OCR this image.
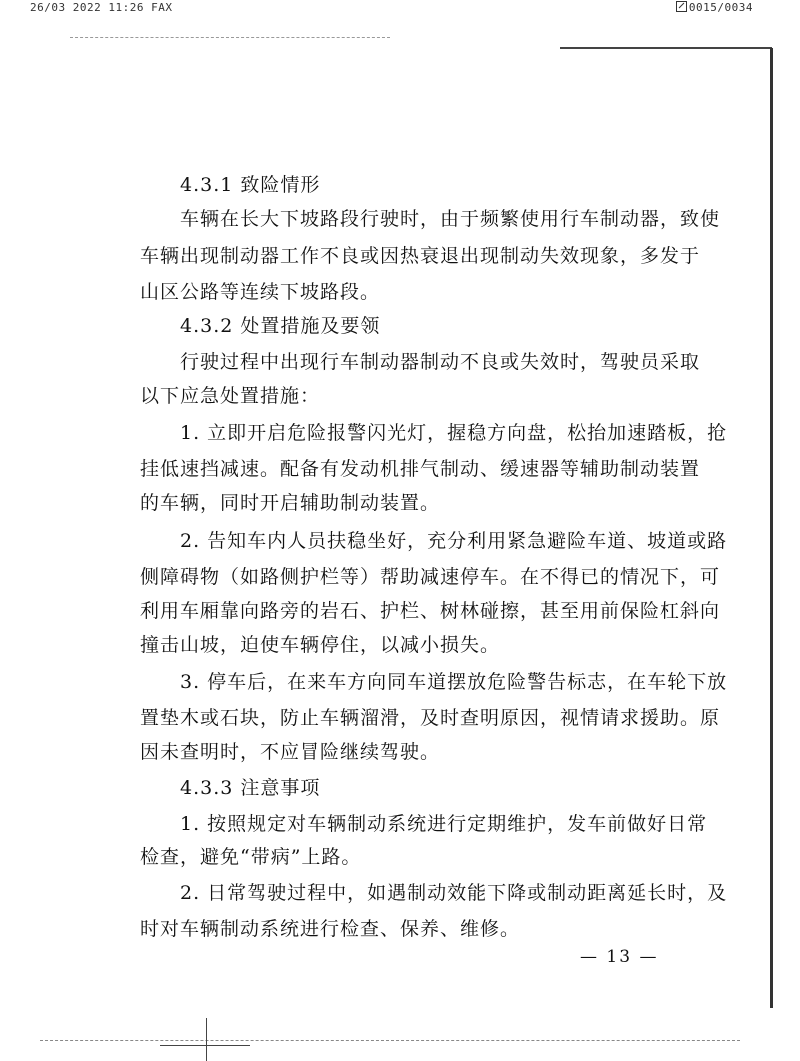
26/03 2022 11:26 FAX	0015/0034
4.3.1 致险情形
车辆在长大下坡路段行驶时，由于频繁使用行车制动器，致使
车辆出现制动器工作不良或因热衰退出现制动失效现象，多发于
山区公路等连续下坡路段。
4.3.2 处置措施及要领
行驶过程中出现行车制动器制动不良或失效时，驾驶员采取
以下应急处置措施：
1. 立即开启危险报警闪光灯，握稳方向盘，松抬加速踏板，抢
挂低速挡减速。配备有发动机排气制动、缓速器等辅助制动装置
的车辆，同时开启辅助制动装置。
2. 告知车内人员扶稳坐好，充分利用紧急避险车道、坡道或路
侧障碍物（如路侧护栏等）帮助减速停车。在不得已的情况下，可
利用车厢靠向路旁的岩石、护栏、树林碰擦，甚至用前保险杠斜向
撞击山坡，迫使车辆停住，以减小损失。
3. 停车后，在来车方向同车道摆放危险警告标志，在车轮下放
置垫木或石块，防止车辆溜滑，及时查明原因，视情请求援助。原
因未查明时，不应冒险继续驾驶。
4.3.3 注意事项
1. 按照规定对车辆制动系统进行定期维护，发车前做好日常
检查，避免“带病”上路。
2. 日常驾驶过程中，如遇制动效能下降或制动距离延长时，及
时对车辆制动系统进行检查、保养、维修。
— 13 —
